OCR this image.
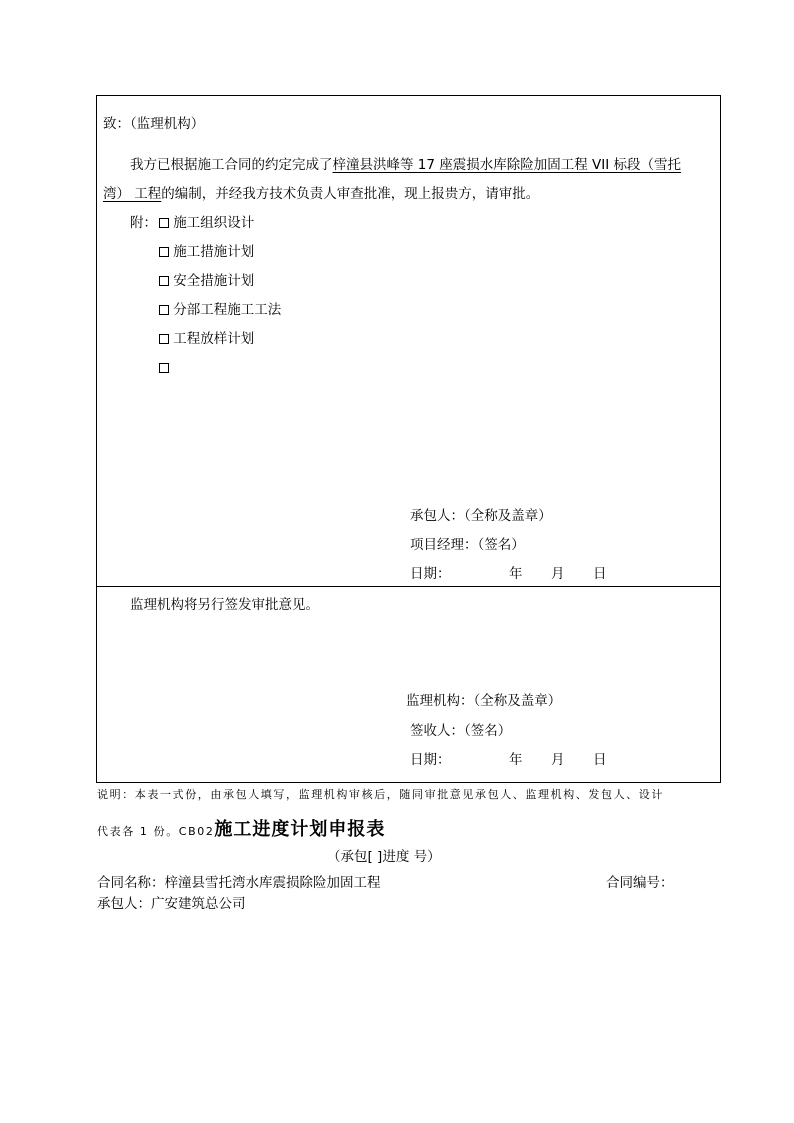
致：（监理机构）
我方已根据施工合同的约定完成了梓潼县洪峰等 17 座震损水库除险加固工程 VII 标段（雪托
湾） 工程的编制，并经我方技术负责人审查批准，现上报贵方，请审批。
附：	施工组织设计
施工措施计划
安全措施计划
分部工程施工工法
工程放样计划

承包人：（全称及盖章）
项目经理：（签名）
日期：	年 月 日
监理机构将另行签发审批意见。
监理机构：（全称及盖章）
签收人：（签名）
日期：	年 月 日
说明：本表一式份，由承包人填写，监理机构审核后，随同审批意见承包人、监理机构、发包人、设计
代表各 1 份。CB02施工进度计划申报表
（承包[ ]进度 号）
合同名称：梓潼县雪托湾水库震损除险加固工程	合同编号：
承包人：广安建筑总公司
